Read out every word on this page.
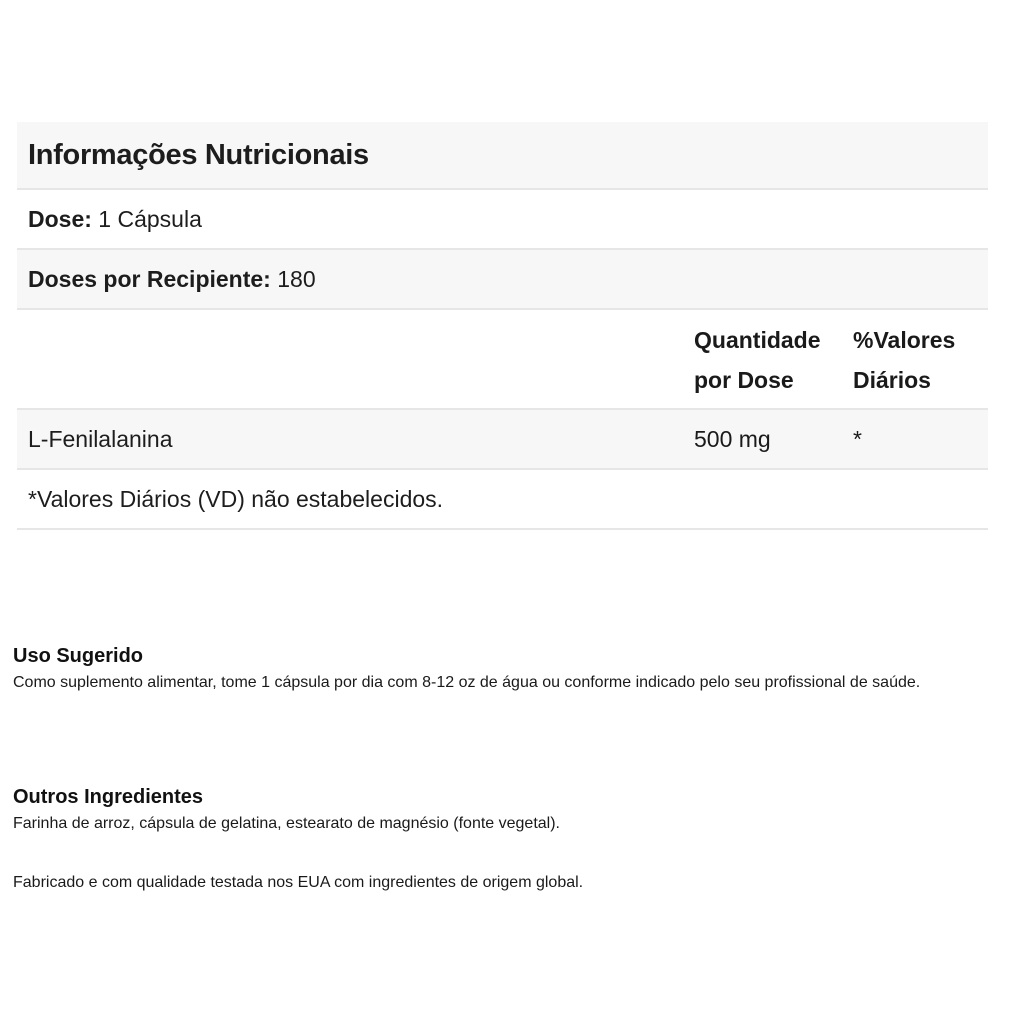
Informações Nutricionais
Dose: 1 Cápsula
Doses por Recipiente: 180
Quantidade
por Dose
%Valores
Diários
L-Fenilalanina	500 mg	*
*Valores Diários (VD) não estabelecidos.
Uso Sugerido

Como suplemento alimentar, tome 1 cápsula por dia com 8-12 oz de água ou conforme indicado pelo seu profissional de saúde.

Outros Ingredientes

Farinha de arroz, cápsula de gelatina, estearato de magnésio (fonte vegetal).

Fabricado e com qualidade testada nos EUA com ingredientes de origem global.
